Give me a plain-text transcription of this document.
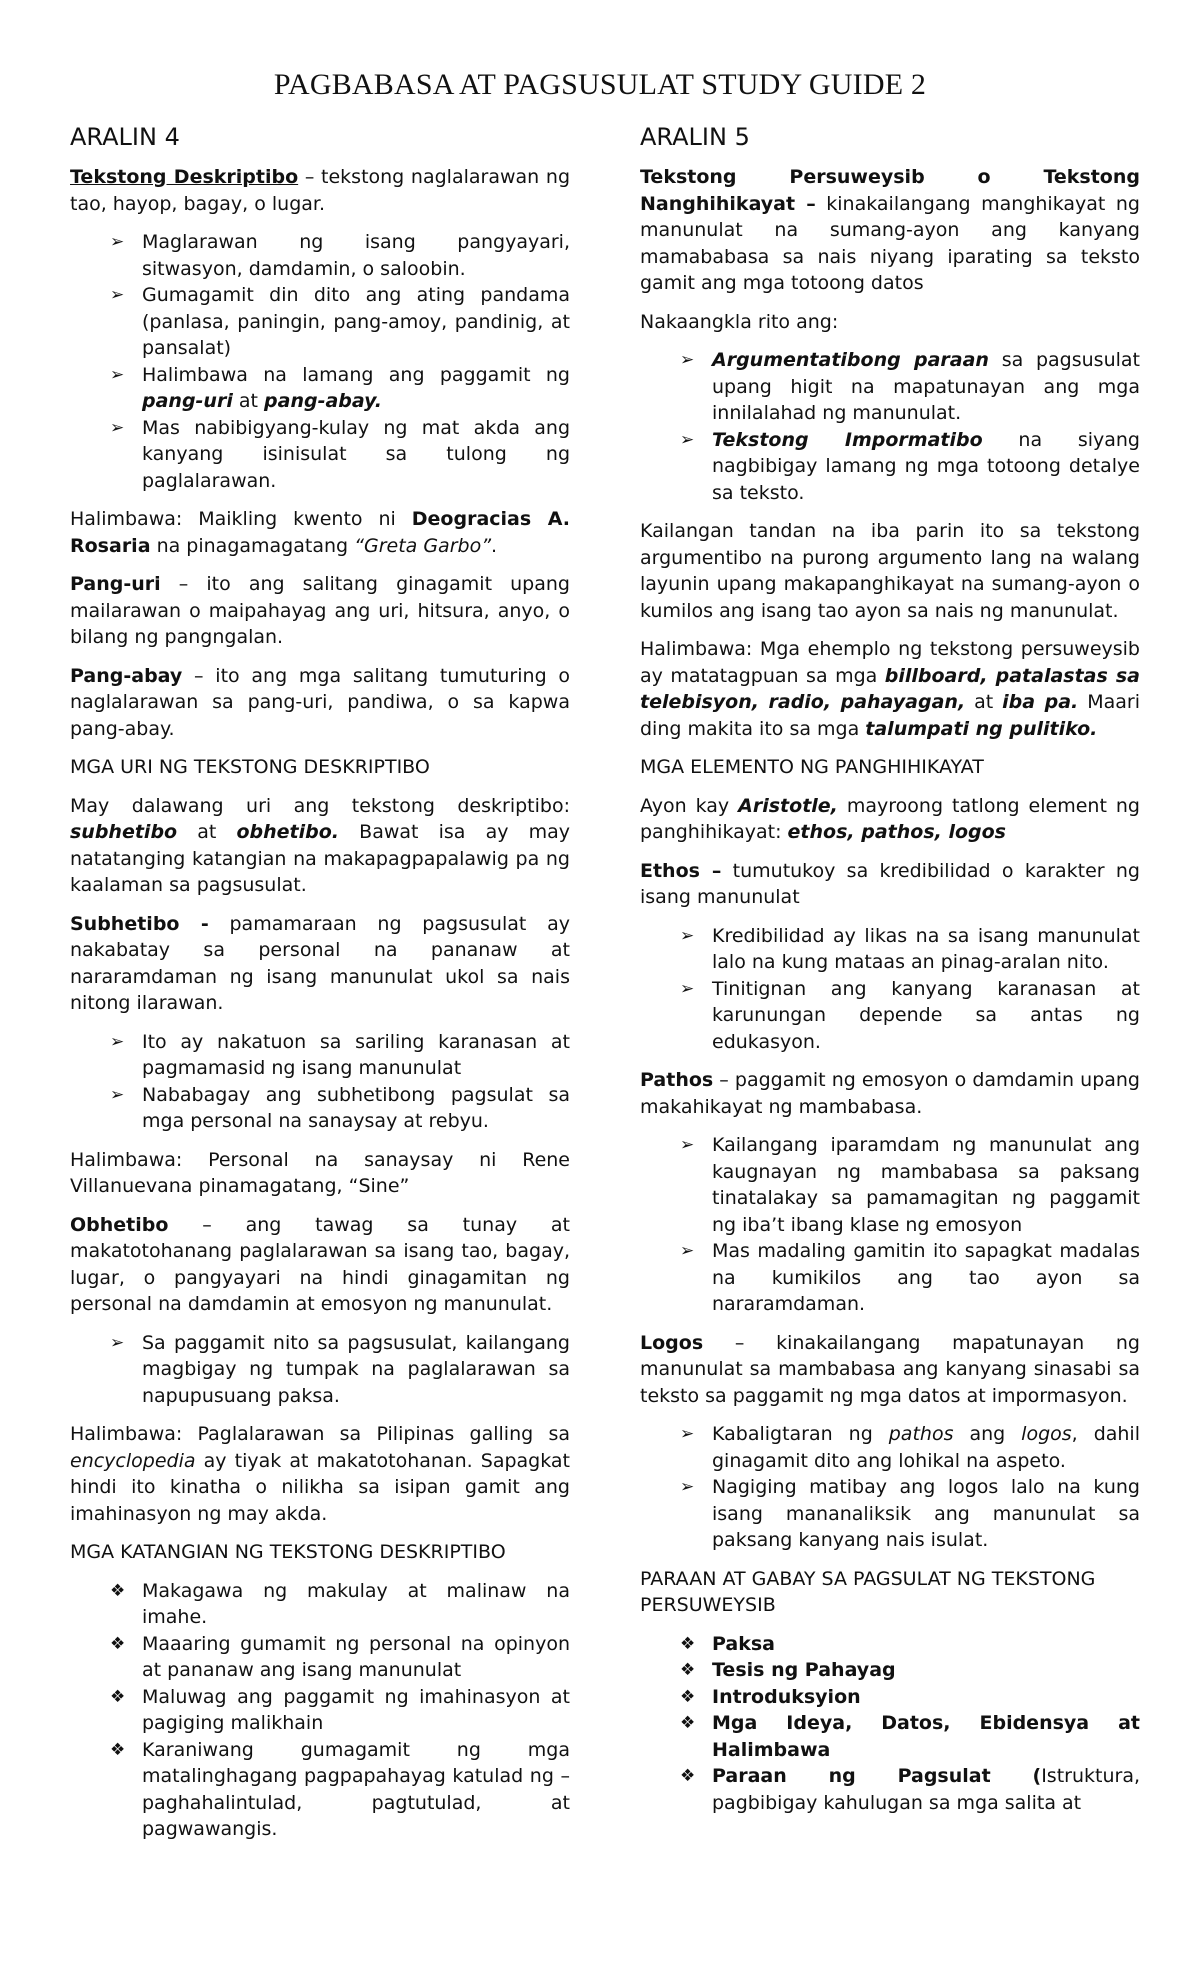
PAGBABASA AT PAGSUSULAT STUDY GUIDE 2
ARALIN 4

Tekstong Deskriptibo – tekstong naglalarawan ng tao, hayop, bagay, o lugar.

➢ Maglarawan ng isang pangyayari, sitwasyon, damdamin, o saloobin.
➢ Gumagamit din dito ang ating pandama (panlasa, paningin, pang-amoy, pandinig, at pansalat)
➢ Halimbawa na lamang ang paggamit ng pang-uri at pang-abay.
➢ Mas nabibigyang-kulay ng mat akda ang kanyang isinisulat sa tulong ng paglalarawan.

Halimbawa: Maikling kwento ni Deogracias A. Rosaria na pinagamagatang “Greta Garbo”.

Pang-uri – ito ang salitang ginagamit upang mailarawan o maipahayag ang uri, hitsura, anyo, o bilang ng pangngalan.

Pang-abay – ito ang mga salitang tumuturing o naglalarawan sa pang-uri, pandiwa, o sa kapwa pang-abay.

MGA URI NG TEKSTONG DESKRIPTIBO

May dalawang uri ang tekstong deskriptibo: subhetibo at obhetibo. Bawat isa ay may natatanging katangian na makapagpapalawig pa ng kaalaman sa pagsusulat.

Subhetibo - pamamaraan ng pagsusulat ay nakabatay sa personal na pananaw at nararamdaman ng isang manunulat ukol sa nais nitong ilarawan.

➢ Ito ay nakatuon sa sariling karanasan at pagmamasid ng isang manunulat
➢ Nababagay ang subhetibong pagsulat sa mga personal na sanaysay at rebyu.

Halimbawa: Personal na sanaysay ni Rene Villanuevana pinamagatang, “Sine”

Obhetibo – ang tawag sa tunay at makatotohanang paglalarawan sa isang tao, bagay, lugar, o pangyayari na hindi ginagamitan ng personal na damdamin at emosyon ng manunulat.

➢ Sa paggamit nito sa pagsusulat, kailangang magbigay ng tumpak na paglalarawan sa napupusuang paksa.

Halimbawa: Paglalarawan sa Pilipinas galling sa encyclopedia ay tiyak at makatotohanan. Sapagkat hindi ito kinatha o nilikha sa isipan gamit ang imahinasyon ng may akda.

MGA KATANGIAN NG TEKSTONG DESKRIPTIBO

❖ Makagawa ng makulay at malinaw na imahe.
❖ Maaaring gumamit ng personal na opinyon at pananaw ang isang manunulat
❖ Maluwag ang paggamit ng imahinasyon at pagiging malikhain
❖ Karaniwang gumagamit ng mga matalinghagang pagpapahayag katulad ng – paghahalintulad, pagtutulad, at pagwawangis.
ARALIN 5

Tekstong Persuweysib o Tekstong Nanghihikayat – kinakailangang manghikayat ng manunulat na sumang-ayon ang kanyang mamababasa sa nais niyang iparating sa teksto gamit ang mga totoong datos

Nakaangkla rito ang:

➢ Argumentatibong paraan sa pagsusulat upang higit na mapatunayan ang mga innilalahad ng manunulat.
➢ Tekstong Impormatibo na siyang nagbibigay lamang ng mga totoong detalye sa teksto.

Kailangan tandan na iba parin ito sa tekstong argumentibo na purong argumento lang na walang layunin upang makapanghikayat na sumang-ayon o kumilos ang isang tao ayon sa nais ng manunulat.

Halimbawa: Mga ehemplo ng tekstong persuweysib ay matatagpuan sa mga billboard, patalastas sa telebisyon, radio, pahayagan, at iba pa. Maari ding makita ito sa mga talumpati ng pulitiko.

MGA ELEMENTO NG PANGHIHIKAYAT

Ayon kay Aristotle, mayroong tatlong element ng panghihikayat: ethos, pathos, logos

Ethos – tumutukoy sa kredibilidad o karakter ng isang manunulat

➢ Kredibilidad ay likas na sa isang manunulat lalo na kung mataas an pinag-aralan nito.
➢ Tinitignan ang kanyang karanasan at karunungan depende sa antas ng edukasyon.

Pathos – paggamit ng emosyon o damdamin upang makahikayat ng mambabasa.

➢ Kailangang iparamdam ng manunulat ang kaugnayan ng mambabasa sa paksang tinatalakay sa pamamagitan ng paggamit ng iba’t ibang klase ng emosyon
➢ Mas madaling gamitin ito sapagkat madalas na kumikilos ang tao ayon sa nararamdaman.

Logos – kinakailangang mapatunayan ng manunulat sa mambabasa ang kanyang sinasabi sa teksto sa paggamit ng mga datos at impormasyon.

➢ Kabaligtaran ng pathos ang logos, dahil ginagamit dito ang lohikal na aspeto.
➢ Nagiging matibay ang logos lalo na kung isang mananaliksik ang manunulat sa paksang kanyang nais isulat.

PARAAN AT GABAY SA PAGSULAT NG TEKSTONG PERSUWEYSIB

❖ Paksa
❖ Tesis ng Pahayag
❖ Introduksyion
❖ Mga Ideya, Datos, Ebidensya at Halimbawa
❖ Paraan ng Pagsulat (Istruktura, pagbibigay kahulugan sa mga salita at
